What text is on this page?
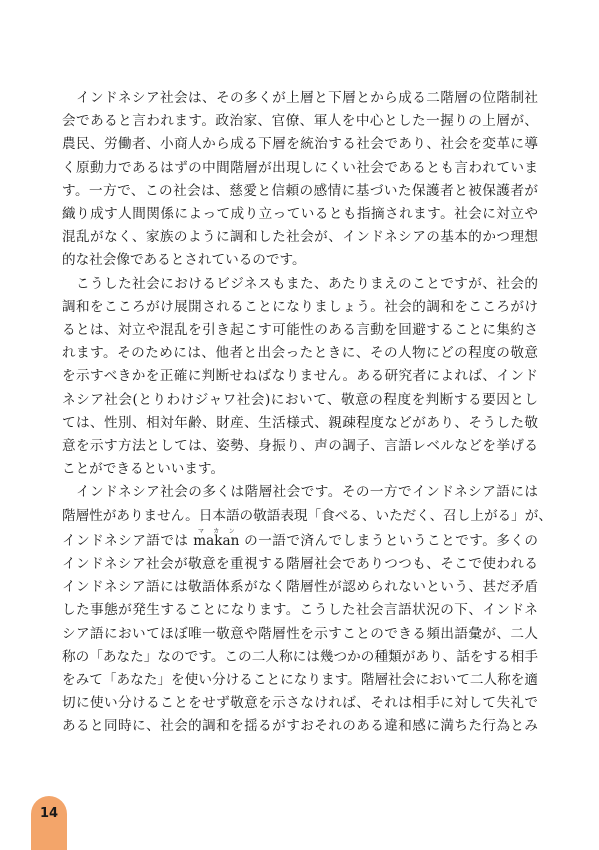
インドネシア社会は、その多くが上層と下層とから成る二階層の位階制社
会であると言われます。政治家、官僚、軍人を中心とした一握りの上層が、
農民、労働者、小商人から成る下層を統治する社会であり、社会を変革に導
く原動力であるはずの中間階層が出現しにくい社会であるとも言われていま
す。一方で、この社会は、慈愛と信頼の感情に基づいた保護者と被保護者が
織り成す人間関係によって成り立っているとも指摘されます。社会に対立や
混乱がなく、家族のように調和した社会が、インドネシアの基本的かつ理想
的な社会像であるとされているのです。

こうした社会におけるビジネスもまた、あたりまえのことですが、社会的
調和をこころがけ展開されることになりましょう。社会的調和をこころがけ
るとは、対立や混乱を引き起こす可能性のある言動を回避することに集約さ
れます。そのためには、他者と出会ったときに、その人物にどの程度の敬意
を示すべきかを正確に判断せねばなりません。ある研究者によれば、インド
ネシア社会(とりわけジャワ社会)において、敬意の程度を判断する要因とし
ては、性別、相対年齢、財産、生活様式、親疎程度などがあり、そうした敬
意を示す方法としては、姿勢、身振り、声の調子、言語レベルなどを挙げる
ことができるといいます。

インドネシア社会の多くは階層社会です。その一方でインドネシア語には
階層性がありません。日本語の敬語表現「食べる、いただく、召し上がる」が、
インドネシア語では makanマカン の一語で済んでしまうということです。多くの
インドネシア社会が敬意を重視する階層社会でありつつも、そこで使われる
インドネシア語には敬語体系がなく階層性が認められないという、甚だ矛盾
した事態が発生することになります。こうした社会言語状況の下、インドネ
シア語においてほぼ唯一敬意や階層性を示すことのできる頻出語彙が、二人
称の「あなた」なのです。この二人称には幾つかの種類があり、話をする相手
をみて「あなた」を使い分けることになります。階層社会において二人称を適
切に使い分けることをせず敬意を示さなければ、それは相手に対して失礼で
あると同時に、社会的調和を揺るがすおそれのある違和感に満ちた行為とみ

14
